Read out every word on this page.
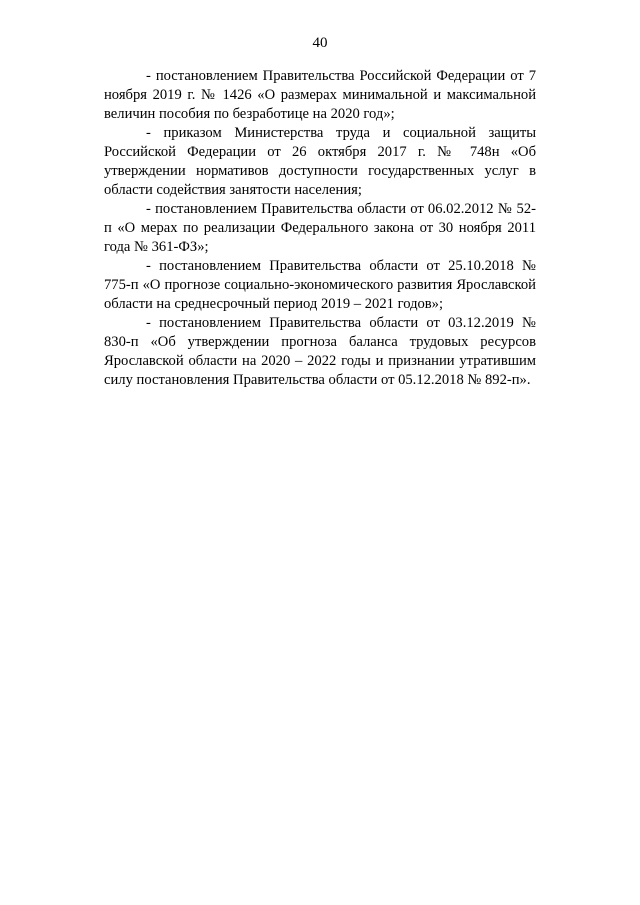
40

- постановлением Правительства Российской Федерации от 7 ноября 2019 г. № 1426 «О размерах минимальной и максимальной величин пособия по безработице на 2020 год»;

- приказом Министерства труда и социальной защиты Российской Федерации от 26 октября 2017 г. № 748н «Об утверждении нормативов доступности государственных услуг в области содействия занятости населения;

- постановлением Правительства области от 06.02.2012 № 52-п «О мерах по реализации Федерального закона от 30 ноября 2011 года № 361-ФЗ»;

- постановлением Правительства области от 25.10.2018 № 775-п «О прогнозе социально-экономического развития Ярославской области на среднесрочный период 2019 – 2021 годов»;

- постановлением Правительства области от 03.12.2019 № 830-п «Об утверждении прогноза баланса трудовых ресурсов Ярославской области на 2020 – 2022 годы и признании утратившим силу постановления Правительства области от 05.12.2018 № 892-п».
